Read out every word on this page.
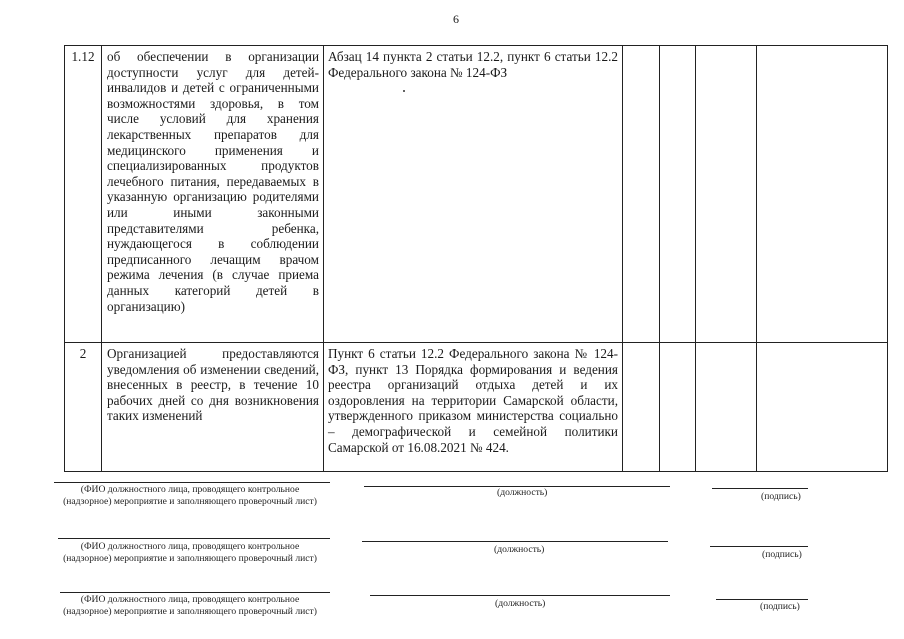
6
1.12	об обеспечении в организации доступности услуг для детей-инвалидов и детей с ограниченными возможностями здоровья, в том числе условий для хранения лекарственных препаратов для медицинского применения и специализированных продуктов лечебного питания, передаваемых в указанную организацию родителями или иными законными представителями ребенка, нуждающегося в соблюдении предписанного лечащим врачом режима лечения (в случае приема данных категорий детей в организацию)	Абзац 14 пункта 2 статьи 12.2, пункт 6 статьи 12.2 Федерального закона № 124-ФЗ				
2	Организацией предоставляются уведомления об изменении сведений, внесенных в реестр, в течение 10 рабочих дней со дня возникновения таких изменений	Пункт 6 статьи 12.2 Федерального закона № 124-ФЗ, пункт 13 Порядка формирования и ведения реестра организаций отдыха детей и их оздоровления на территории Самарской области, утвержденного приказом министерства социально – демографической и семейной политики Самарской от 16.08.2021 № 424.				
(ФИО должностного лица, проводящего контрольное
(надзорное) мероприятие и заполняющего проверочный лист)
(должность)	(подпись)
(ФИО должностного лица, проводящего контрольное
(надзорное) мероприятие и заполняющего проверочный лист)
(должность)	(подпись)
(ФИО должностного лица, проводящего контрольное
(надзорное) мероприятие и заполняющего проверочный лист)
(должность)	(подпись)
